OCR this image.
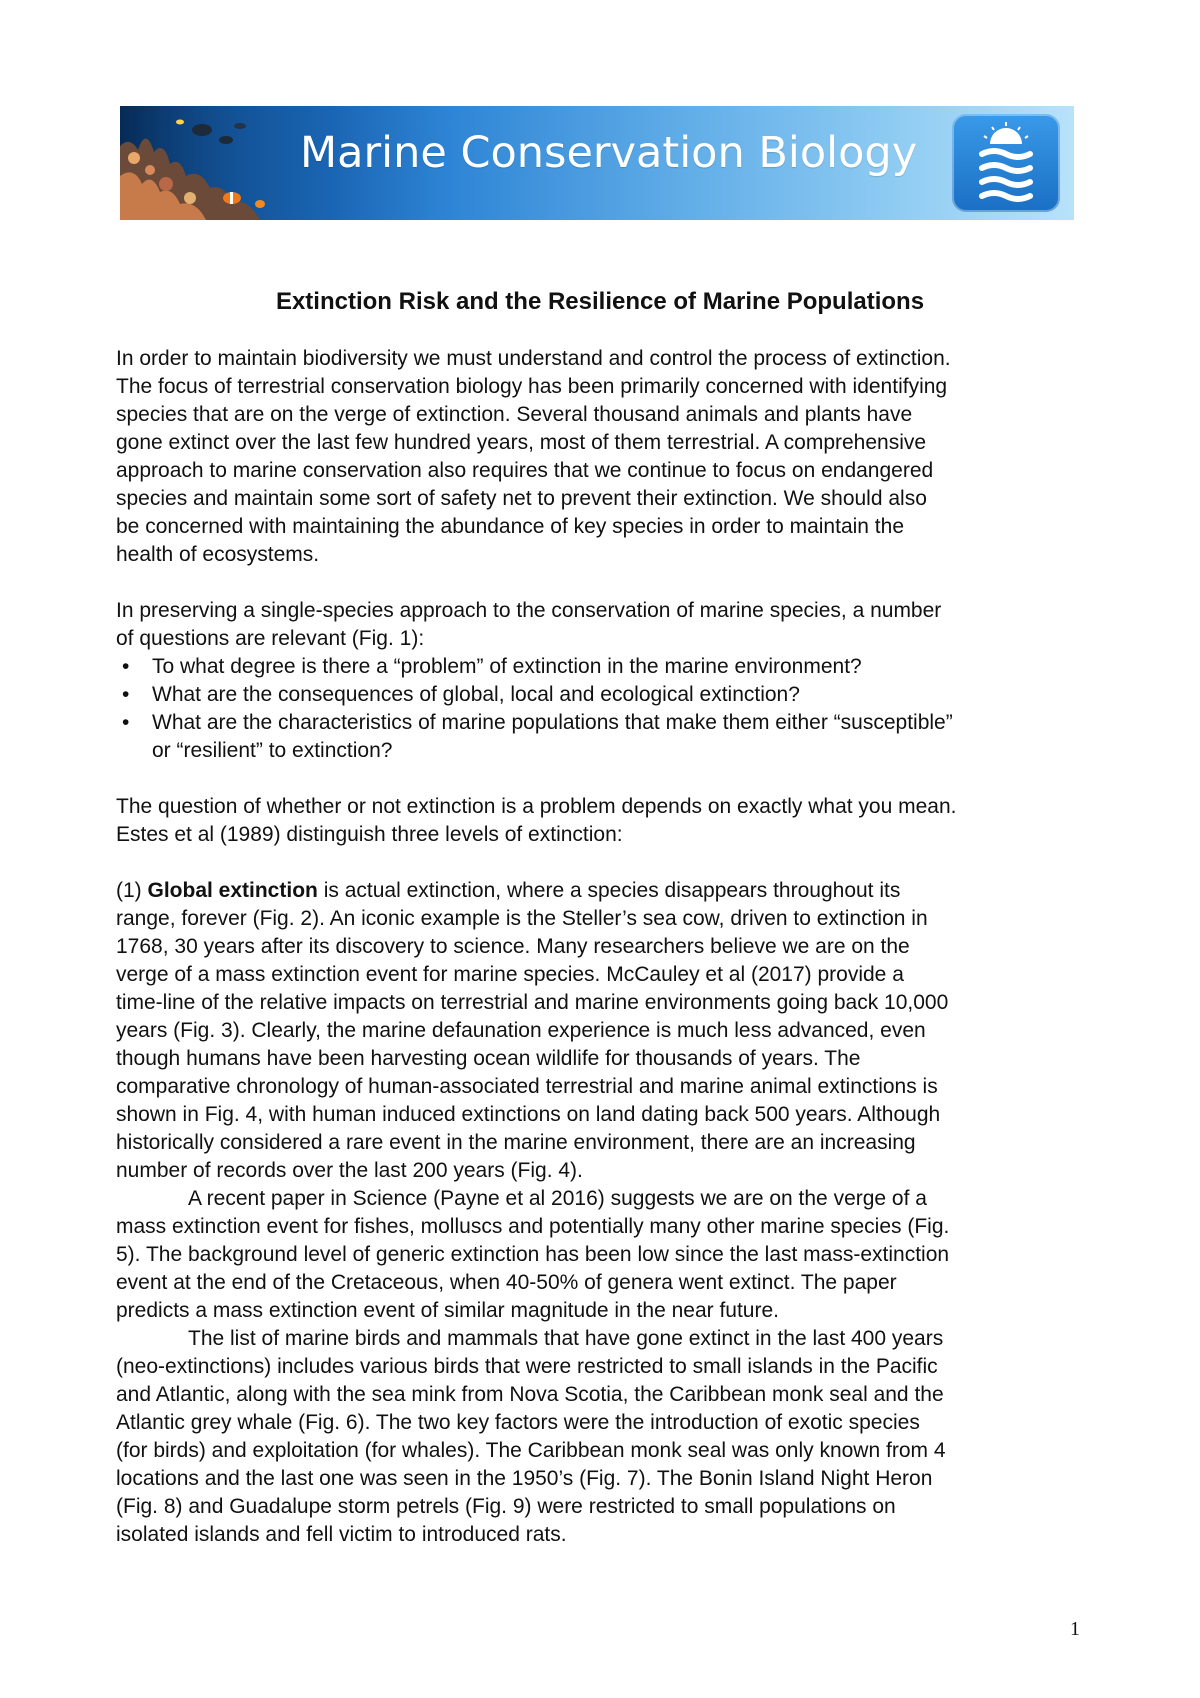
Marine Conservation Biology
Extinction Risk and the Resilience of Marine Populations

In order to maintain biodiversity we must understand and control the process of extinction.
The focus of terrestrial conservation biology has been primarily concerned with identifying
species that are on the verge of extinction. Several thousand animals and plants have
gone extinct over the last few hundred years, most of them terrestrial. A comprehensive
approach to marine conservation also requires that we continue to focus on endangered
species and maintain some sort of safety net to prevent their extinction. We should also
be concerned with maintaining the abundance of key species in order to maintain the
health of ecosystems.

In preserving a single-species approach to the conservation of marine species, a number
of questions are relevant (Fig. 1):

• To what degree is there a “problem” of extinction in the marine environment?
• What are the consequences of global, local and ecological extinction?
• What are the characteristics of marine populations that make them either “susceptible”
or “resilient” to extinction?

The question of whether or not extinction is a problem depends on exactly what you mean.
Estes et al (1989) distinguish three levels of extinction:

(1) Global extinction is actual extinction, where a species disappears throughout its
range, forever (Fig. 2). An iconic example is the Steller’s sea cow, driven to extinction in
1768, 30 years after its discovery to science. Many researchers believe we are on the
verge of a mass extinction event for marine species. McCauley et al (2017) provide a
time-line of the relative impacts on terrestrial and marine environments going back 10,000
years (Fig. 3). Clearly, the marine defaunation experience is much less advanced, even
though humans have been harvesting ocean wildlife for thousands of years. The
comparative chronology of human-associated terrestrial and marine animal extinctions is
shown in Fig. 4, with human induced extinctions on land dating back 500 years. Although
historically considered a rare event in the marine environment, there are an increasing
number of records over the last 200 years (Fig. 4).

A recent paper in Science (Payne et al 2016) suggests we are on the verge of a
mass extinction event for fishes, molluscs and potentially many other marine species (Fig.
5). The background level of generic extinction has been low since the last mass-extinction
event at the end of the Cretaceous, when 40-50% of genera went extinct. The paper
predicts a mass extinction event of similar magnitude in the near future.

The list of marine birds and mammals that have gone extinct in the last 400 years
(neo-extinctions) includes various birds that were restricted to small islands in the Pacific
and Atlantic, along with the sea mink from Nova Scotia, the Caribbean monk seal and the
Atlantic grey whale (Fig. 6). The two key factors were the introduction of exotic species
(for birds) and exploitation (for whales). The Caribbean monk seal was only known from 4
locations and the last one was seen in the 1950’s (Fig. 7). The Bonin Island Night Heron
(Fig. 8) and Guadalupe storm petrels (Fig. 9) were restricted to small populations on
isolated islands and fell victim to introduced rats.

1
